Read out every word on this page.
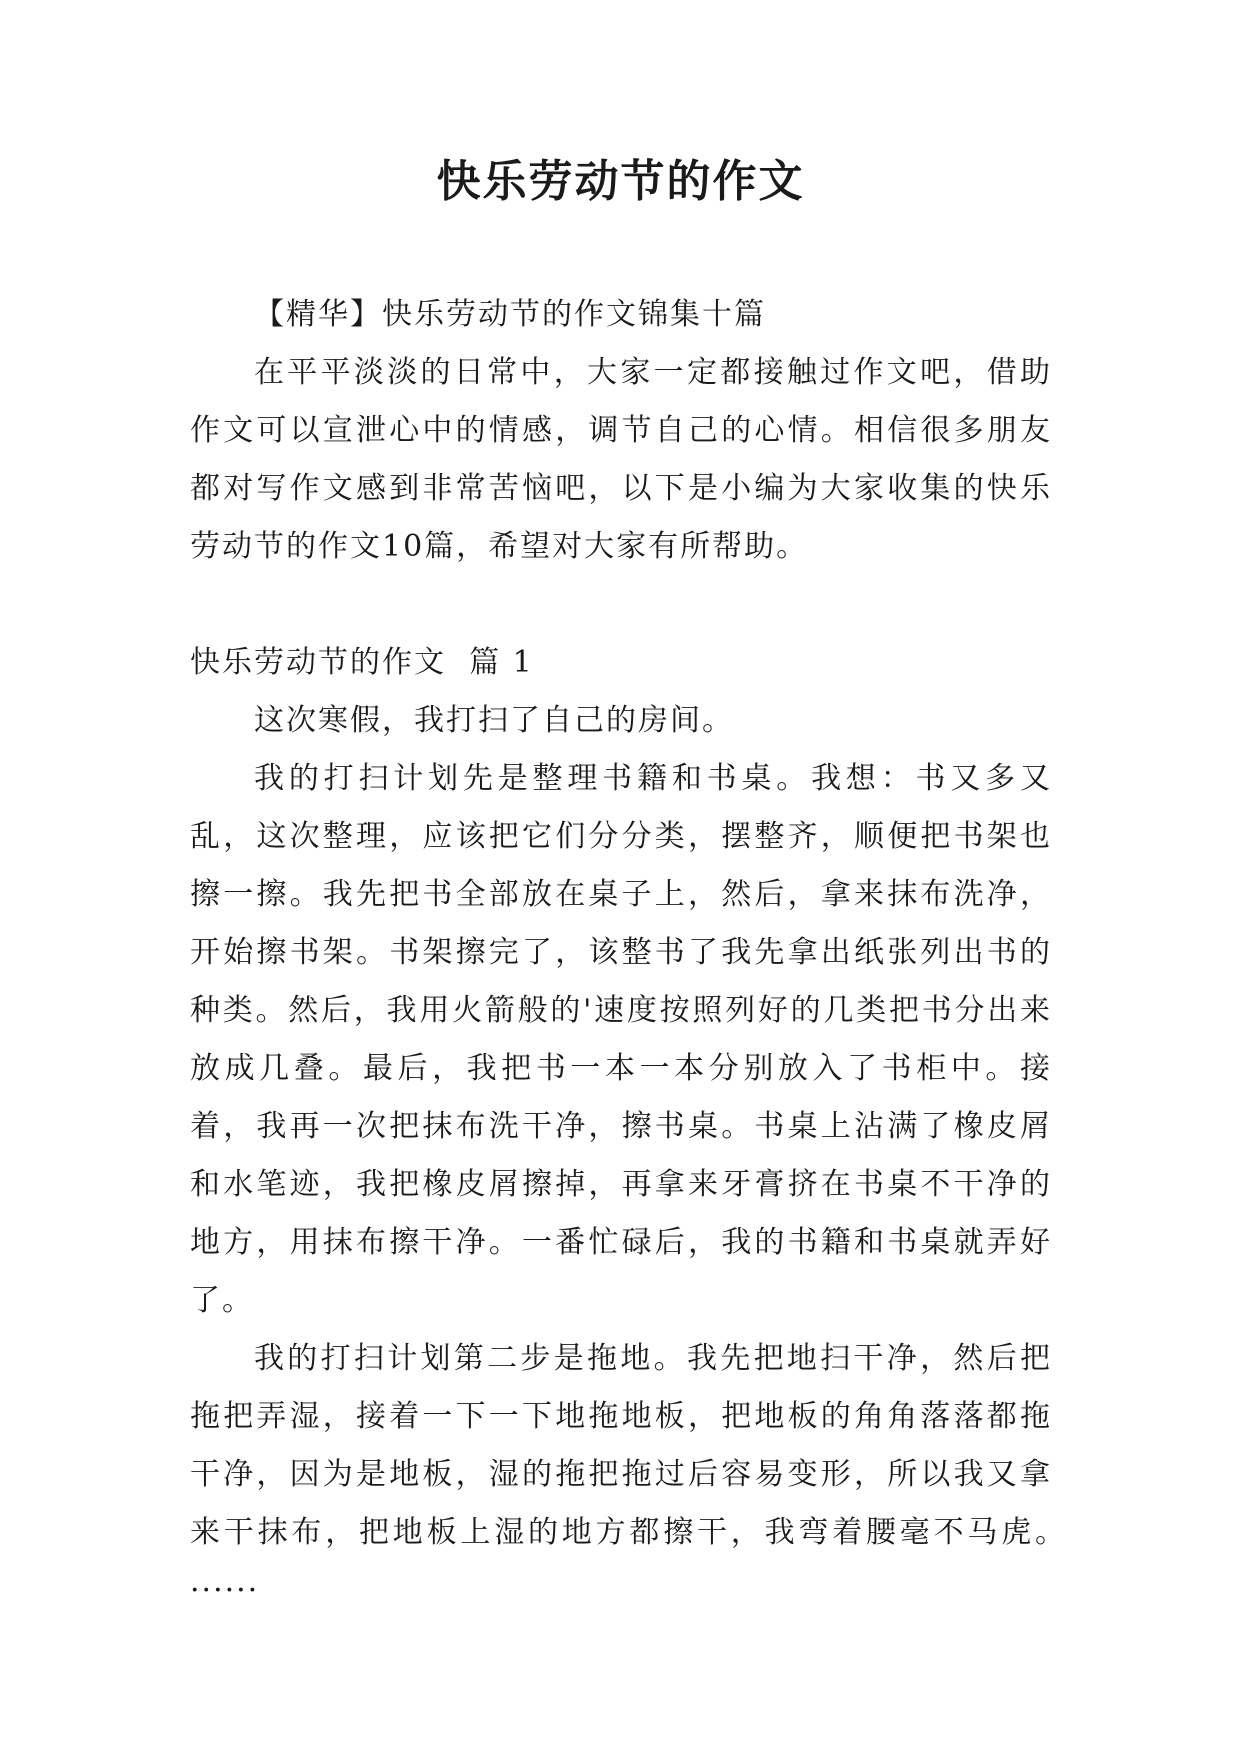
快乐劳动节的作文

【精华】快乐劳动节的作文锦集十篇

在平平淡淡的日常中，大家一定都接触过作文吧，借助作文可以宣泄心中的情感，调节自己的心情。相信很多朋友都对写作文感到非常苦恼吧，以下是小编为大家收集的快乐劳动节的作文10篇，希望对大家有所帮助。

快乐劳动节的作文  篇 1

这次寒假，我打扫了自己的房间。

我的打扫计划先是整理书籍和书桌。我想：书又多又乱，这次整理，应该把它们分分类，摆整齐，顺便把书架也擦一擦。我先把书全部放在桌子上，然后，拿来抹布洗净，开始擦书架。书架擦完了，该整书了我先拿出纸张列出书的种类。然后，我用火箭般的'速度按照列好的几类把书分出来放成几叠。最后，我把书一本一本分别放入了书柜中。接着，我再一次把抹布洗干净，擦书桌。书桌上沾满了橡皮屑和水笔迹，我把橡皮屑擦掉，再拿来牙膏挤在书桌不干净的地方，用抹布擦干净。一番忙碌后，我的书籍和书桌就弄好了。

我的打扫计划第二步是拖地。我先把地扫干净，然后把拖把弄湿，接着一下一下地拖地板，把地板的角角落落都拖干净，因为是地板，湿的拖把拖过后容易变形，所以我又拿来干抹布，把地板上湿的地方都擦干，我弯着腰毫不马虎。······
